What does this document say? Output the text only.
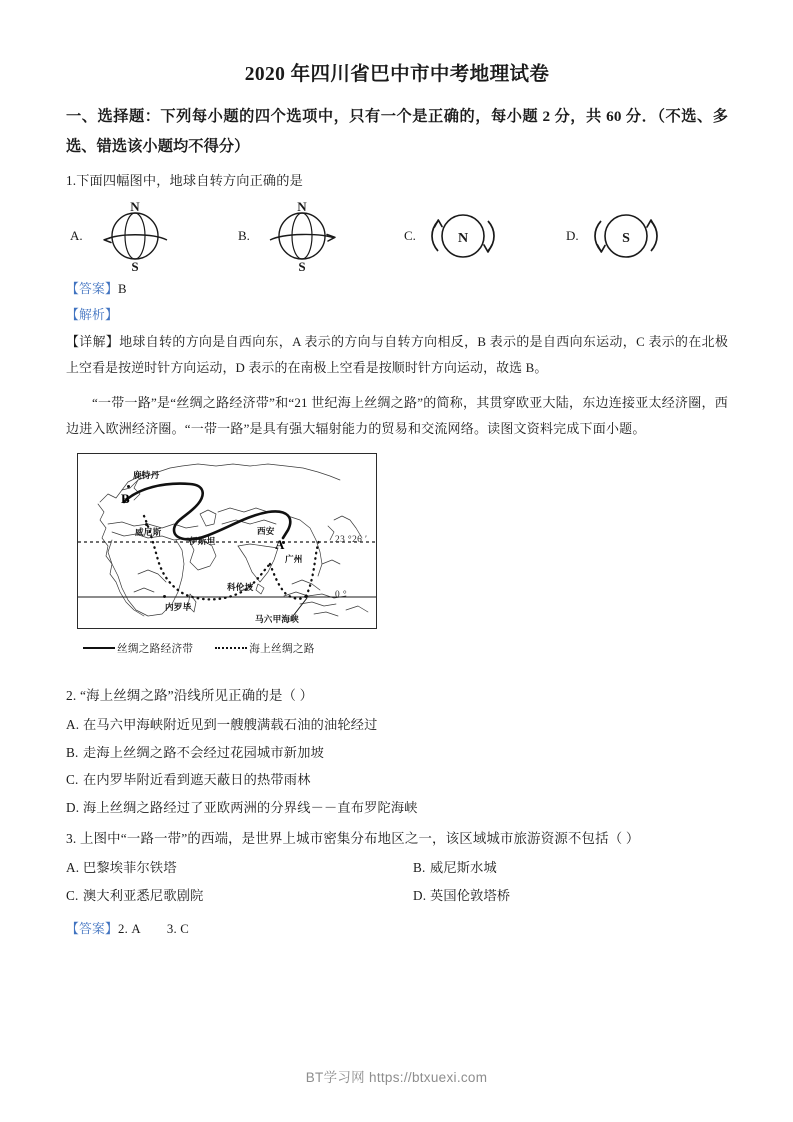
2020 年四川省巴中市中考地理试卷
一、选择题：下列每小题的四个选项中，只有一个是正确的，每小题 2 分，共 60 分．（不选、多选、错选该小题均不得分）
1.下面四幅图中，地球自转方向正确的是
A.
N
S
B.
N
S
C.	N	D.	S
【答案】B
【解析】
【详解】地球自转的方向是自西向东，A 表示的方向与自转方向相反，B 表示的是自西向东运动，C 表示的在北极上空看是按逆时针方向运动，D 表示的在南极上空看是按顺时针方向运动，故选 B。
“一带一路”是“丝绸之路经济带”和“21 世纪海上丝绸之路”的简称，其贯穿欧亚大陆，东边连接亚太经济圈，西边进入欧洲经济圈。“一带一路”是具有强大辐射能力的贸易和交流网络。读图文资料完成下面小题。
鹿特丹
威尼斯
伊斯坦
西安
广州
科伦坡
内罗毕
马六甲海峡
B
A	23 °26 ′
0 °
丝绸之路经济带	海上丝绸之路
2. “海上丝绸之路”沿线所见正确的是（ ）
A. 在马六甲海峡附近见到一艘艘满载石油的油轮经过
B. 走海上丝绸之路不会经过花园城市新加坡
C. 在内罗毕附近看到遮天蔽日的热带雨林
D. 海上丝绸之路经过了亚欧两洲的分界线－－直布罗陀海峡
3. 上图中“一路一带”的西端，是世界上城市密集分布地区之一，该区域城市旅游资源不包括（ ）
A. 巴黎埃菲尔铁塔	B. 威尼斯水城
C. 澳大利亚悉尼歌剧院	D. 英国伦敦塔桥
【答案】2. A 3. C
BT学习网 https://btxuexi.com
